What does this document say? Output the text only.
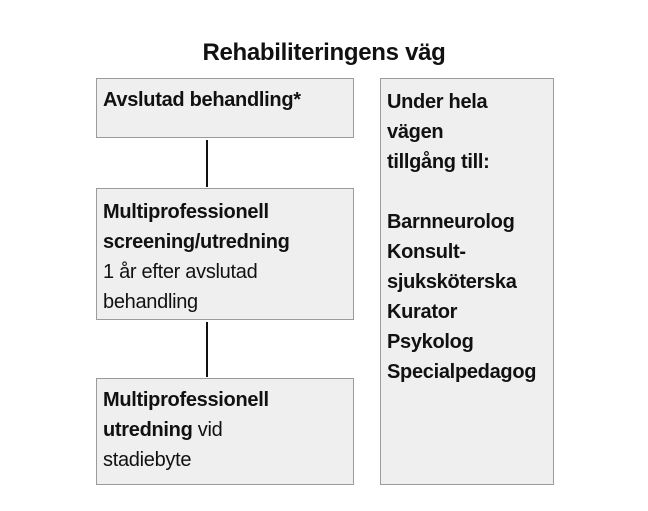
Rehabiliteringens väg
Avslutad behandling*
Multiprofessionell
screening/utredning
1 år efter avslutad
behandling
Multiprofessionell
utredning vid
stadiebyte
Under hela
vägen
tillgång till:
Barnneurolog
Konsult-
sjuksköterska
Kurator
Psykolog
Specialpedagog
